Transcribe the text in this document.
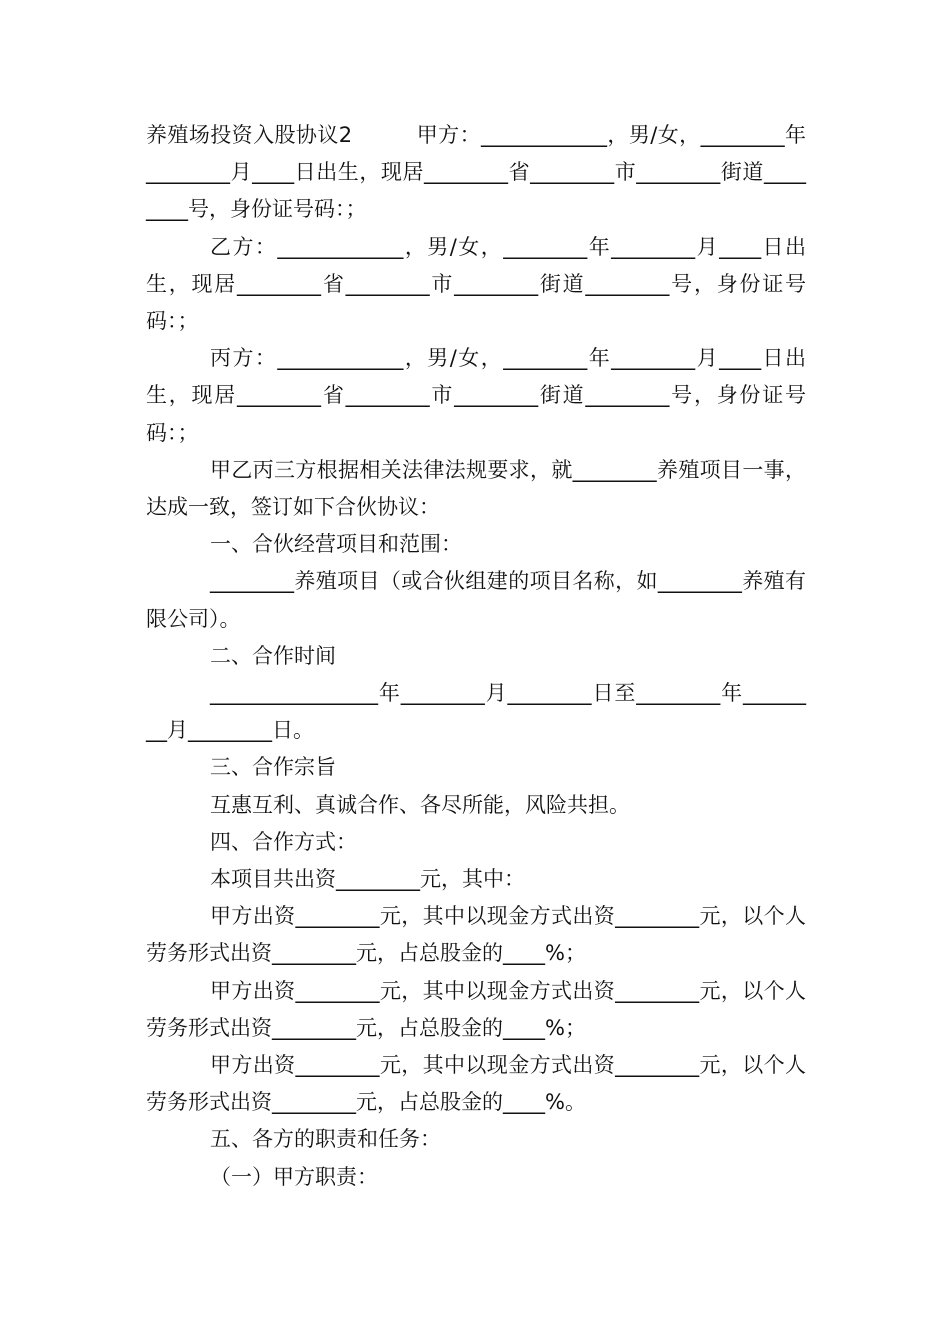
养殖场投资入股协议2　　　甲方：____________，男/女，________年________月____日出生，现居________省________市________街道________号，身份证号码：；

乙方：____________，男/女，________年________月____日出生，现居________省________市________街道________号，身份证号码：；

丙方：____________，男/女，________年________月____日出生，现居________省________市________街道________号，身份证号码：；

甲乙丙三方根据相关法律法规要求，就________养殖项目一事，达成一致，签订如下合伙协议：

一、合伙经营项目和范围：

________养殖项目（或合伙组建的项目名称，如________养殖有限公司）。

二、合作时间

________________年________月________日至________年________月________日。

三、合作宗旨

互惠互利、真诚合作、各尽所能，风险共担。

四、合作方式：

本项目共出资________元，其中：

甲方出资________元，其中以现金方式出资________元，以个人劳务形式出资________元，占总股金的____%；

甲方出资________元，其中以现金方式出资________元，以个人劳务形式出资________元，占总股金的____%；

甲方出资________元，其中以现金方式出资________元，以个人劳务形式出资________元，占总股金的____%。

五、各方的职责和任务：

（一）甲方职责：
